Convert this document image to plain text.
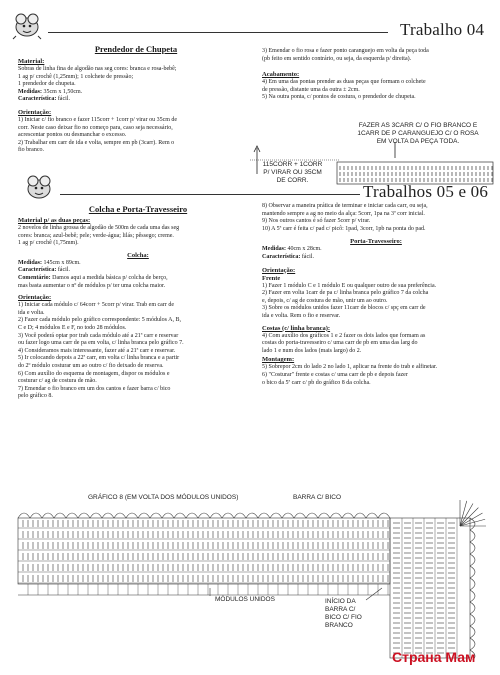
Trabalho 04
Prendedor de Chupeta
Material:

Sobras de linha fina de algodão nas seg cores: branca e rosa-bebê;

1 ag p/ crochê (1,25mm); 1 colchete de pressão;

1 prendedor de chupeta.

Medidas: 35cm x 1,50cm.

Característica: fácil.

Orientação:

1) Iniciar c/ fio branco e fazer 115corr + 1corr p/ virar ou 35cm de

corr. Neste caso deixar fio no começo para, caso seja necessário,

acrescentar pontos ou desmanchar o excesso.

2) Trabalhar em carr de ida e volta, sempre em pb (3carr). Rem o

fio branco.

3) Emendar o fio rosa e fazer ponto caranguejo em volta da peça toda

(pb feito em sentido contrário, ou seja, da esquerda p/ direita).

Acabamento:

4) Em uma das pontas prender as duas peças que formam o colchete

de pressão, distante uma da outra ± 2cm.

5) Na outra ponta, c/ pontos de costura, o prendedor de chupeta.

FAZER AS 3CARR C/ O FIO BRANCO E
1CARR DE P CARANGUEJO C/ O ROSA
EM VOLTA DA PEÇA TODA.
115CORR + 1CORR
P/ VIRAR OU 35CM
DE CORR.
Trabalhos 05 e 06
Colcha e Porta-Travesseiro
Material p/ as duas peças:

2 novelos de linha grossa de algodão de 500m de cada uma das seg

cores: branca; azul-bebê; pele; verde-água; lilás; pêssego; creme.

1 ag p/ crochê (1,75mm).

Colcha:

Medidas: 145cm x 89cm.

Característica: fácil.

Comentário: Damos aqui a medida básica p/ colcha de berço,

mas basta aumentar o nº de módulos p/ ter uma colcha maior.

Orientação:

1) Iniciar cada módulo c/ 64corr + 5corr p/ virar. Trab em carr de

ida e volta.

2) Fazer cada módulo pelo gráfico correspondente: 5 módulos A, B,

C e D; 4 módulos E e F, no todo 28 módulos.

3) Você poderá optar por trab cada módulo até a 21ª carr e reservar

ou fazer logo uma carr de pa em volta, c/ linha branca pelo gráfico 7.

4) Consideramos mais interessante, fazer até a 21ª carr e reservar.

5) Ir colocando depois a 22ª carr, em volta c/ linha branca e a partir

do 2º módulo costurar um ao outro c/ fio deixado de reserva.

6) Com auxílio do esquema de montagem, dispor os módulos e

costurar c/ ag de costura de mão.

7) Emendar o fio branco em um dos cantos e fazer barra c/ bico

pelo gráfico 8.

8) Observar a maneira prática de terminar e iniciar cada carr, ou seja,

mantendo sempre a ag no meio da alça: 5corr, 1pa na 3ª corr inicial.

9) Nos outros cantos é só fazer 5corr p/ virar.

10) A 5ª carr é feita c/ pad c/ picô: 1pad, 3corr, 1pb na ponta do pad.

Porta-Travesseiro:

Medidas: 40cm x 28cm.

Característica: fácil.

Orientação:
Frente

1) Fazer 1 módulo C e 1 módulo E ou qualquer outro de sua preferência.

2) Fazer em volta 1carr de pa c/ linha branca pelo gráfico 7 da colcha

e, depois, c/ ag de costura de mão, unir um ao outro.

3) Sobre os módulos unidos fazer 11carr de blocos c/ spç em carr de

ida e volta. Rem o fio e reservar.

Costas (c/ linha branca):

4) Com auxílio dos gráficos 1 e 2 fazer os dois lados que formam as

costas do porta-travesseiro c/ uma carr de pb em uma das larg do

lado 1 e num dos lados (mais largo) do 2.

Montagem:

5) Sobrepor 2cm do lado 2 no lado 1, aplicar na frente do trab e alfinetar.

6) "Costurar" frente e costas c/ uma carr de pb e depois fazer

o bico da 5ª carr c/ pb do gráfico 8 da colcha.

GRÁFICO 8 (EM VOLTA DOS MÓDULOS UNIDOS)	BARRA C/ BICO
MÓDULOS UNIDOS	INÍCIO DA
BARRA C/
BICO C/ FIO
BRANCO
Страна Мам
